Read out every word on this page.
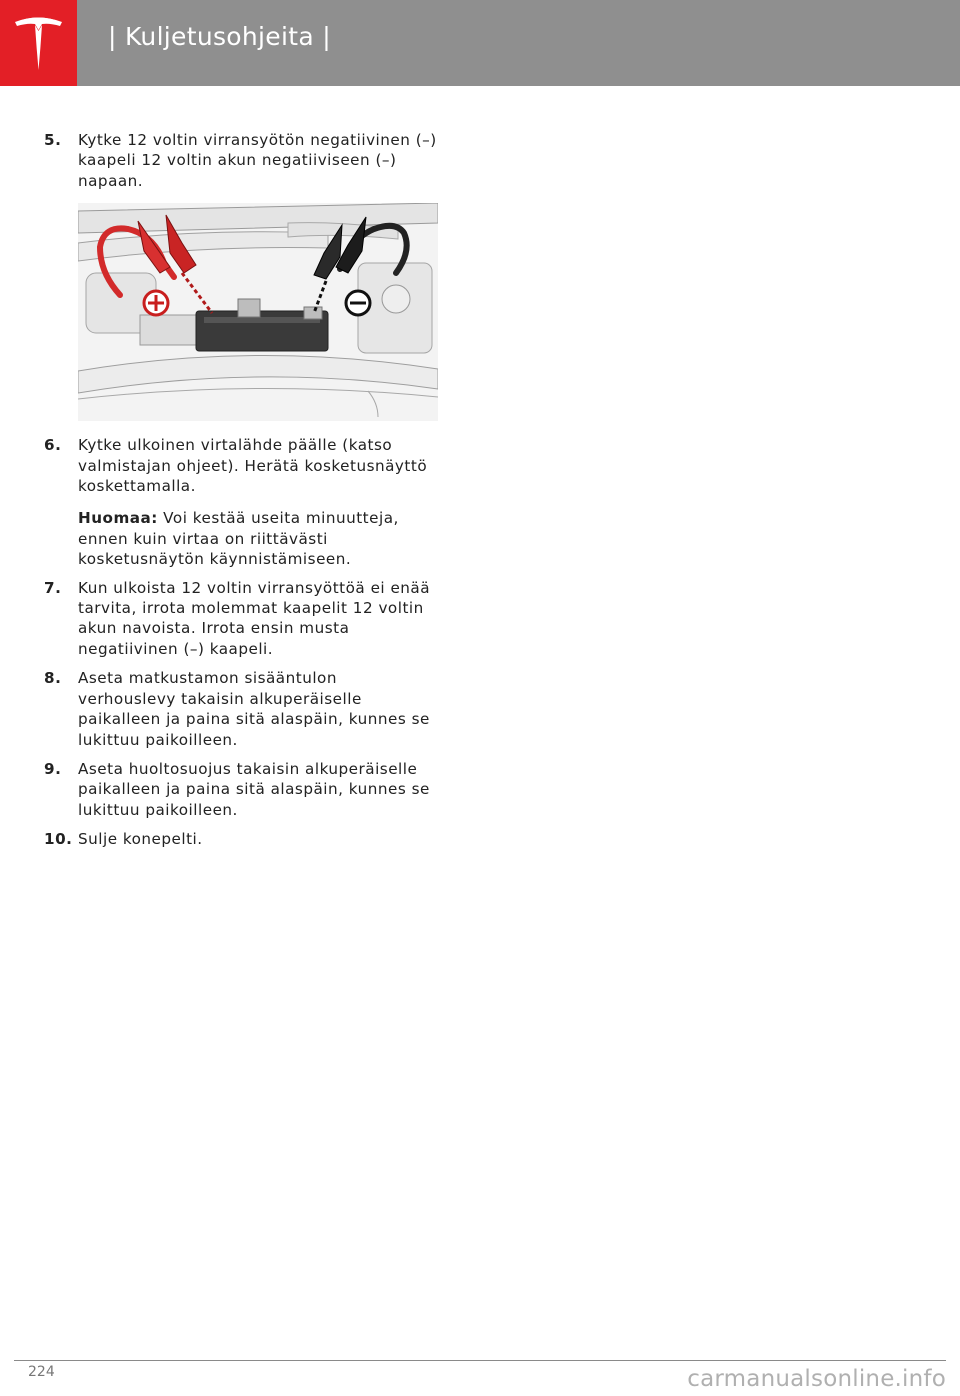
| Kuljetusohjeita |
5. Kytke 12 voltin virransyötön negatiivinen (–) kaapeli 12 voltin akun negatiiviseen (–) napaan.
6. Kytke ulkoinen virtalähde päälle (katso valmistajan ohjeet). Herätä kosketusnäyttö koskettamalla.
Huomaa: Voi kestää useita minuutteja, ennen kuin virtaa on riittävästi kosketusnäytön käynnistämiseen.
7. Kun ulkoista 12 voltin virransyöttöä ei enää tarvita, irrota molemmat kaapelit 12 voltin akun navoista. Irrota ensin musta negatiivinen (–) kaapeli.
8. Aseta matkustamon sisääntulon verhouslevy takaisin alkuperäiselle paikalleen ja paina sitä alaspäin, kunnes se lukittuu paikoilleen.
9. Aseta huoltosuojus takaisin alkuperäiselle paikalleen ja paina sitä alaspäin, kunnes se lukittuu paikoilleen.
10. Sulje konepelti.
224	carmanualsonline.info
